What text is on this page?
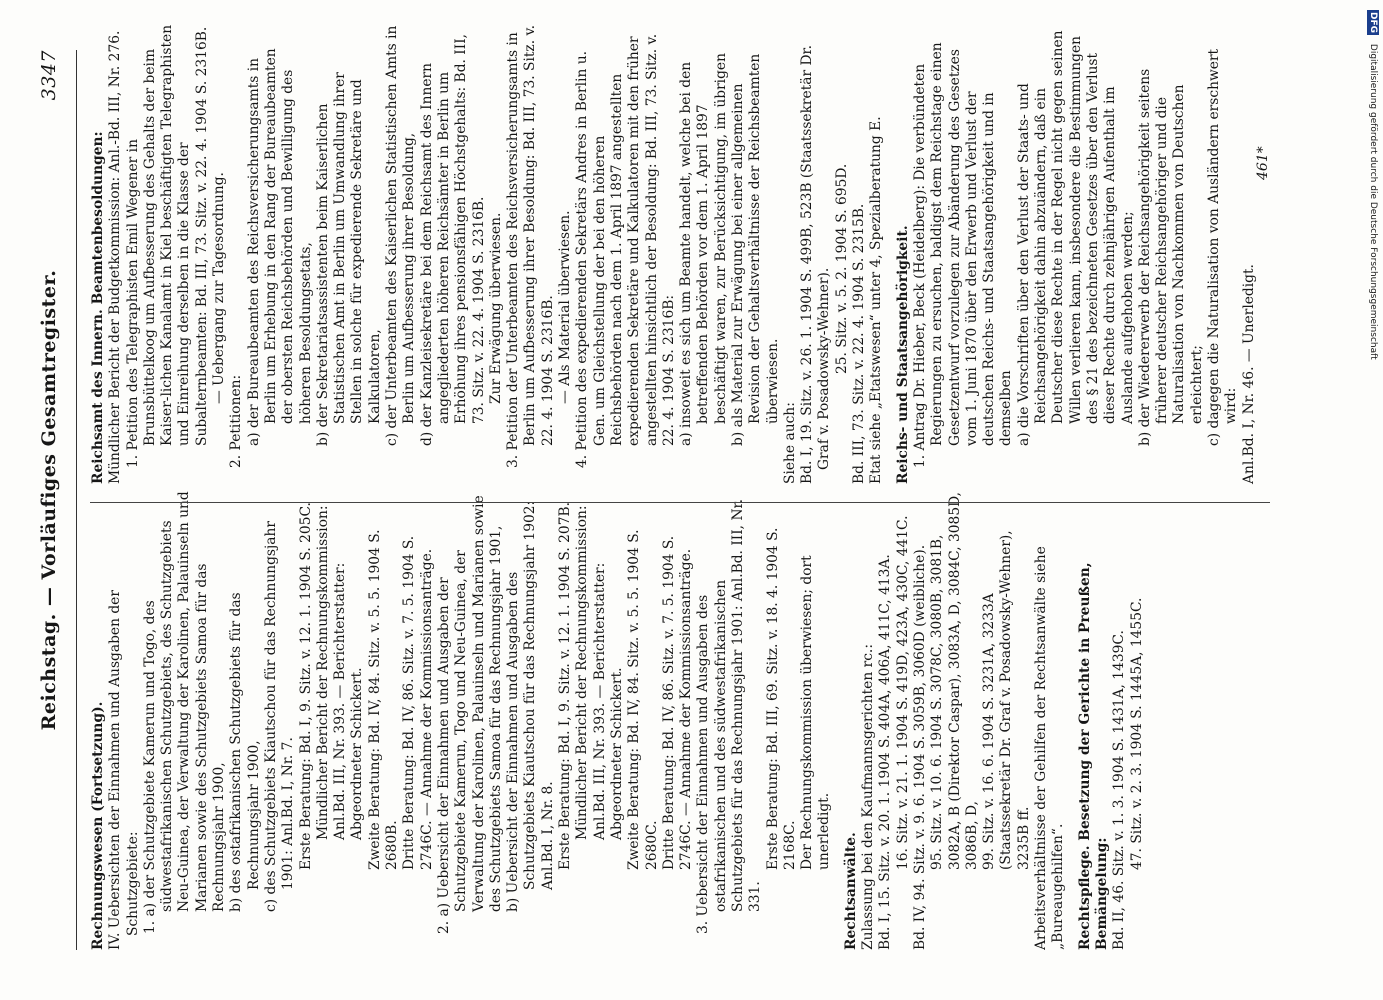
Reichstag. — Vorläufiges Gesamtregister.
3347

Rechnungswesen (Fortsetzung). IV. Uebersichten der Einnahmen und Ausgaben der Schutzgebiete: 1. a) der Schutzgebiete Kamerun und Togo, des südwestafrikanischen Schutzgebiets, des Schutzgebiets Neu-Guinea, der Verwaltung der Karolinen, Palauinseln und Marianen sowie des Schutzgebiets Samoa für das Rechnungsjahr 1900, b) des ostafrikanischen Schutzgebiets für das Rechnungsjahr 1900, c) des Schutzgebiets Kiautschou für das Rechnungsjahr 1901: Anl.Bd. I, Nr. 7. Erste Beratung: Bd. I, 9. Sitz. v. 12. 1. 1904 S. 205C. Mündlicher Bericht der Rechnungskommission: Anl.Bd. III, Nr. 393. — Berichterstatter: Abgeordneter Schickert. Zweite Beratung: Bd. IV, 84. Sitz. v. 5. 5. 1904 S. 2680B. Dritte Beratung: Bd. IV, 86. Sitz. v. 7. 5. 1904 S. 2746C. — Annahme der Kommissionsanträge. 2. a) Uebersicht der Einnahmen und Ausgaben der Schutzgebiete Kamerun, Togo und Neu-Guinea, der Verwaltung der Karolinen, Palauinseln und Marianen sowie des Schutzgebiets Samoa für das Rechnungsjahr 1901, b) Uebersicht der Einnahmen und Ausgaben des Schutzgebiets Kiautschou für das Rechnungsjahr 1902: Anl.Bd. I, Nr. 8. Erste Beratung: Bd. I, 9. Sitz. v. 12. 1. 1904 S. 207B. Mündlicher Bericht der Rechnungskommission: Anl.Bd. III, Nr. 393. — Berichterstatter: Abgeordneter Schickert. Zweite Beratung: Bd. IV, 84. Sitz. v. 5. 5. 1904 S. 2680C. Dritte Beratung: Bd. IV, 86. Sitz. v. 7. 5. 1904 S. 2746C. — Annahme der Kommissionsanträge. 3. Uebersicht der Einnahmen und Ausgaben des ostafrikanischen und des südwestafrikanischen Schutzgebiets für das Rechnungsjahr 1901: Anl.Bd. III, Nr. 331.

Erste Beratung: Bd. III, 69. Sitz. v. 18. 4. 1904 S. 2168C. Der Rechnungskommission überwiesen; dort unerledigt.

Rechtsanwälte. Zulassung bei den Kaufmannsgerichten rc.: Bd. I, 15. Sitz. v. 20. 1. 1904 S. 404A, 406A, 411C, 413A. 16. Sitz. v. 21. 1. 1904 S. 419D, 423A, 430C, 441C. Bd. IV, 94. Sitz. v. 9. 6. 1904 S. 3059B, 3060D (weibliche). 95. Sitz. v. 10. 6. 1904 S. 3078C, 3080B, 3081B, 3082A, B (Direktor Caspar), 3083A, D, 3084C, 3085D, 3086B, D, 99. Sitz. v. 16. 6. 1904 S. 3231A, 3233A (Staatssekretär Dr. Graf v. Posadowsky-Wehner), 3235B ff. Arbeitsverhältnisse der Gehilfen der Rechtsanwälte siehe „Bureaugehilfen“. Rechtspflege. Besetzung der Gerichte in Preußen, Bemängelung: Bd. II, 46. Sitz. v. 1. 3. 1904 S. 1431A, 1439C. 47. Sitz. v. 2. 3. 1904 S. 1445A, 1455C.

Reichsamt des Innern. Beamtenbesoldungen: Mündlicher Bericht der Budgetkommission: Anl.-Bd. III, Nr. 276. 1. Petition des Telegraphisten Emil Wegener in Brunsbüttelkoog um Aufbesserung des Gehalts der beim Kaiser-lichen Kanalamt in Kiel beschäftigten Telegraphisten und Einreihung derselben in die Klasse der Subalternbeamten: Bd. III, 73. Sitz. v. 22. 4. 1904 S. 2316B. — Uebergang zur Tagesordnung.

2. Petitionen: a) der Bureaubeamten des Reichsversicherungsamts in Berlin um Erhebung in den Rang der Bureaubeamten der obersten Reichsbehörden und Bewilligung des höheren Besoldungsetats, b) der Sekretariatsassistenten beim Kaiserlichen Statistischen Amt in Berlin um Umwandlung ihrer Stellen in solche für expedierende Sekretäre und Kalkulatoren, c) der Unterbeamten des Kaiserlichen Statistischen Amts in Berlin um Aufbesserung ihrer Besoldung, d) der Kanzleisekretäre bei dem Reichsamt des Innern angegliederten höheren Reichsämter in Berlin um Erhöhung ihres pensionsfähigen Höchstgehalts: Bd. III, 73. Sitz. v. 22. 4. 1904 S. 2316B. Zur Erwägung überwiesen. 3. Petition der Unterbeamten des Reichsversicherungsamts in Berlin um Aufbesserung ihrer Besoldung: Bd. III, 73. Sitz. v. 22. 4. 1904 S. 2316B. — Als Material überwiesen. 4. Petition des expedierenden Sekretärs Andres in Berlin u. Gen. um Gleichstellung der bei den höheren Reichsbehörden nach dem 1. April 1897 angestellten expedierenden Sekretäre und Kalkulatoren mit den früher angestellten hinsichtlich der Besoldung: Bd. III, 73. Sitz. v. 22. 4. 1904 S. 2316B: a) insoweit es sich um Beamte handelt, welche bei den betreffenden Behörden vor dem 1. April 1897 beschäftigt waren, zur Berücksichtigung, im übrigen b) als Material zur Erwägung bei einer allgemeinen Revision der Gehaltsverhältnisse der Reichsbeamten überwiesen.

Siehe auch: Bd. I, 19. Sitz. v. 26. 1. 1904 S. 499B, 523B (Staatssekretär Dr. Graf v. Posadowsky-Wehner). 25. Sitz. v. 5. 2. 1904 S. 695D. Bd. III, 73. Sitz. v. 22. 4. 1904 S. 2315B. Etat siehe „Etatswesen“ unter 4, Spezialberatung E. Reichs- und Staatsangehörigkeit. 1. Antrag Dr. Hieber, Beck (Heidelberg): Die verbündeten Regierungen zu ersuchen, baldigst dem Reichstage einen Gesetzentwurf vorzulegen zur Abänderung des Gesetzes vom 1. Juni 1870 über den Erwerb und Verlust der deutschen Reichs- und Staatsangehörigkeit und in demselben a) die Vorschriften über den Verlust der Staats- und Reichsangehörigkeit dahin abzuändern, daß ein Deutscher diese Rechte in der Regel nicht gegen seinen Willen verlieren kann, insbesondere die Bestimmungen des § 21 des bezeichneten Gesetzes über den Verlust dieser Rechte durch zehnjährigen Aufenthalt im Auslande aufgehoben werden; b) der Wiedererwerb der Reichsangehörigkeit seitens früherer deutscher Reichsangehöriger und die Naturalisation von Nachkommen von Deutschen erleichtert; c) dagegen die Naturalisation von Ausländern erschwert wird: Anl.Bd. I, Nr. 46. — Unerledigt.

461*
DFG Digitalisierung gefördert durch die Deutsche Forschungsgemeinschaft
